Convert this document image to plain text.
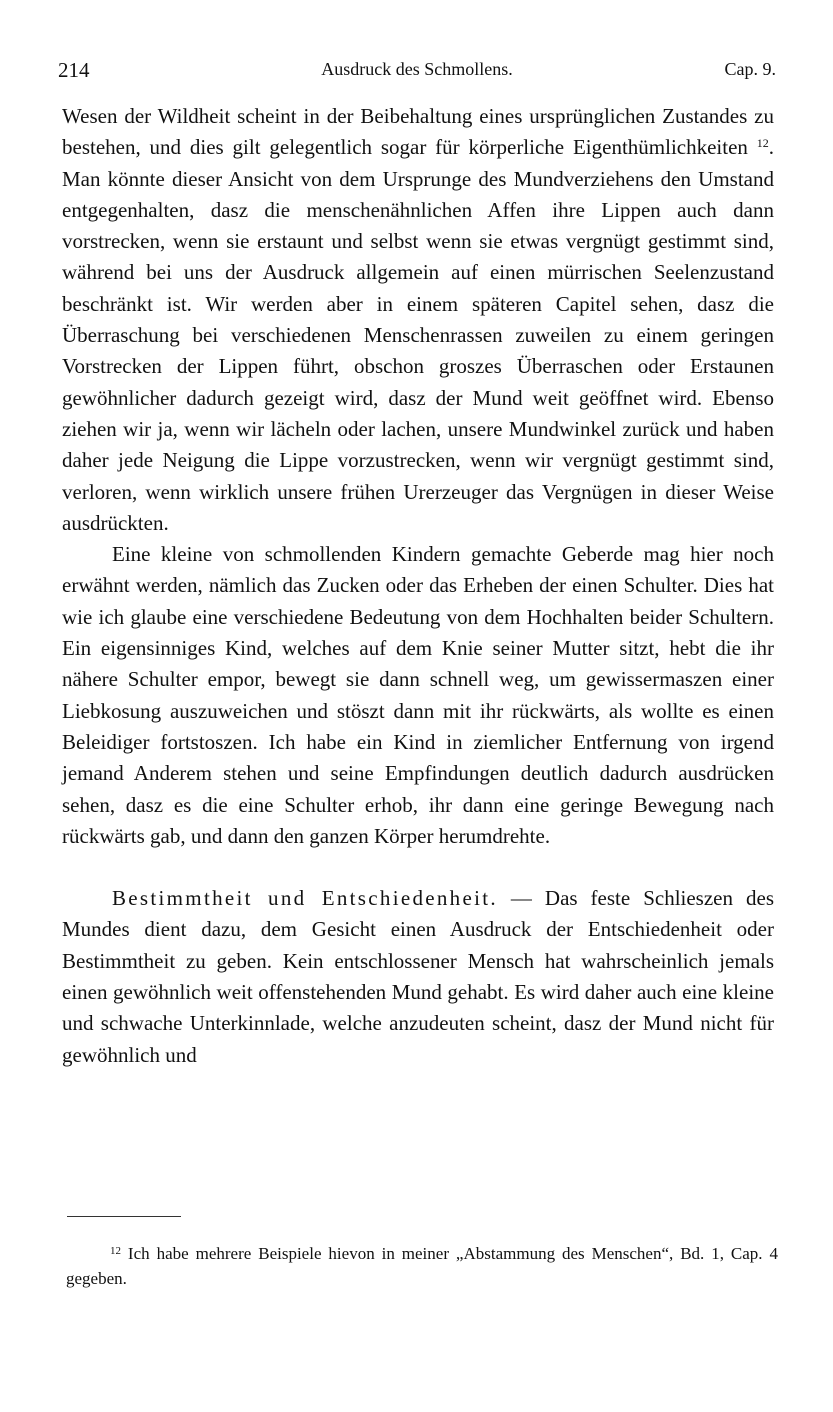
214	Ausdruck des Schmollens.	Cap. 9.

Wesen der Wildheit scheint in der Beibehaltung eines ursprünglichen Zustandes zu bestehen, und dies gilt gelegentlich sogar für körperliche Eigenthümlichkeiten $^{12}$. Man könnte dieser Ansicht von dem Ursprunge des Mundverziehens den Umstand entgegenhalten, dasz die menschenähnlichen Affen ihre Lippen auch dann vorstrecken, wenn sie erstaunt und selbst wenn sie etwas vergnügt gestimmt sind, während bei uns der Ausdruck allgemein auf einen mürrischen Seelenzustand beschränkt ist. Wir werden aber in einem späteren Capitel sehen, dasz die Überraschung bei verschiedenen Menschenrassen zuweilen zu einem geringen Vorstrecken der Lippen führt, obschon groszes Überraschen oder Erstaunen gewöhnlicher dadurch gezeigt wird, dasz der Mund weit geöffnet wird. Ebenso ziehen wir ja, wenn wir lächeln oder lachen, unsere Mundwinkel zurück und haben daher jede Neigung die Lippe vorzustrecken, wenn wir vergnügt gestimmt sind, verloren, wenn wirklich unsere frühen Urerzeuger das Vergnügen in dieser Weise ausdrückten.

Eine kleine von schmollenden Kindern gemachte Geberde mag hier noch erwähnt werden, nämlich das Zucken oder das Erheben der einen Schulter. Dies hat wie ich glaube eine verschiedene Bedeutung von dem Hochhalten beider Schultern. Ein eigensinniges Kind, welches auf dem Knie seiner Mutter sitzt, hebt die ihr nähere Schulter empor, bewegt sie dann schnell weg, um gewissermaszen einer Liebkosung auszuweichen und stöszt dann mit ihr rückwärts, als wollte es einen Beleidiger fortstoszen. Ich habe ein Kind in ziemlicher Entfernung von irgend jemand Anderem stehen und seine Empfindungen deutlich dadurch ausdrücken sehen, dasz es die eine Schulter erhob, ihr dann eine geringe Bewegung nach rückwärts gab, und dann den ganzen Körper herumdrehte.

Bestimmtheit und Entschiedenheit. — Das feste Schlieszen des Mundes dient dazu, dem Gesicht einen Ausdruck der Entschiedenheit oder Bestimmtheit zu geben. Kein entschlossener Mensch hat wahrscheinlich jemals einen gewöhnlich weit offenstehenden Mund gehabt. Es wird daher auch eine kleine und schwache Unterkinnlade, welche anzudeuten scheint, dasz der Mund nicht für gewöhnlich und

$^{12}$ Ich habe mehrere Beispiele hievon in meiner „Abstammung des Menschen“, Bd. 1, Cap. 4 gegeben.
